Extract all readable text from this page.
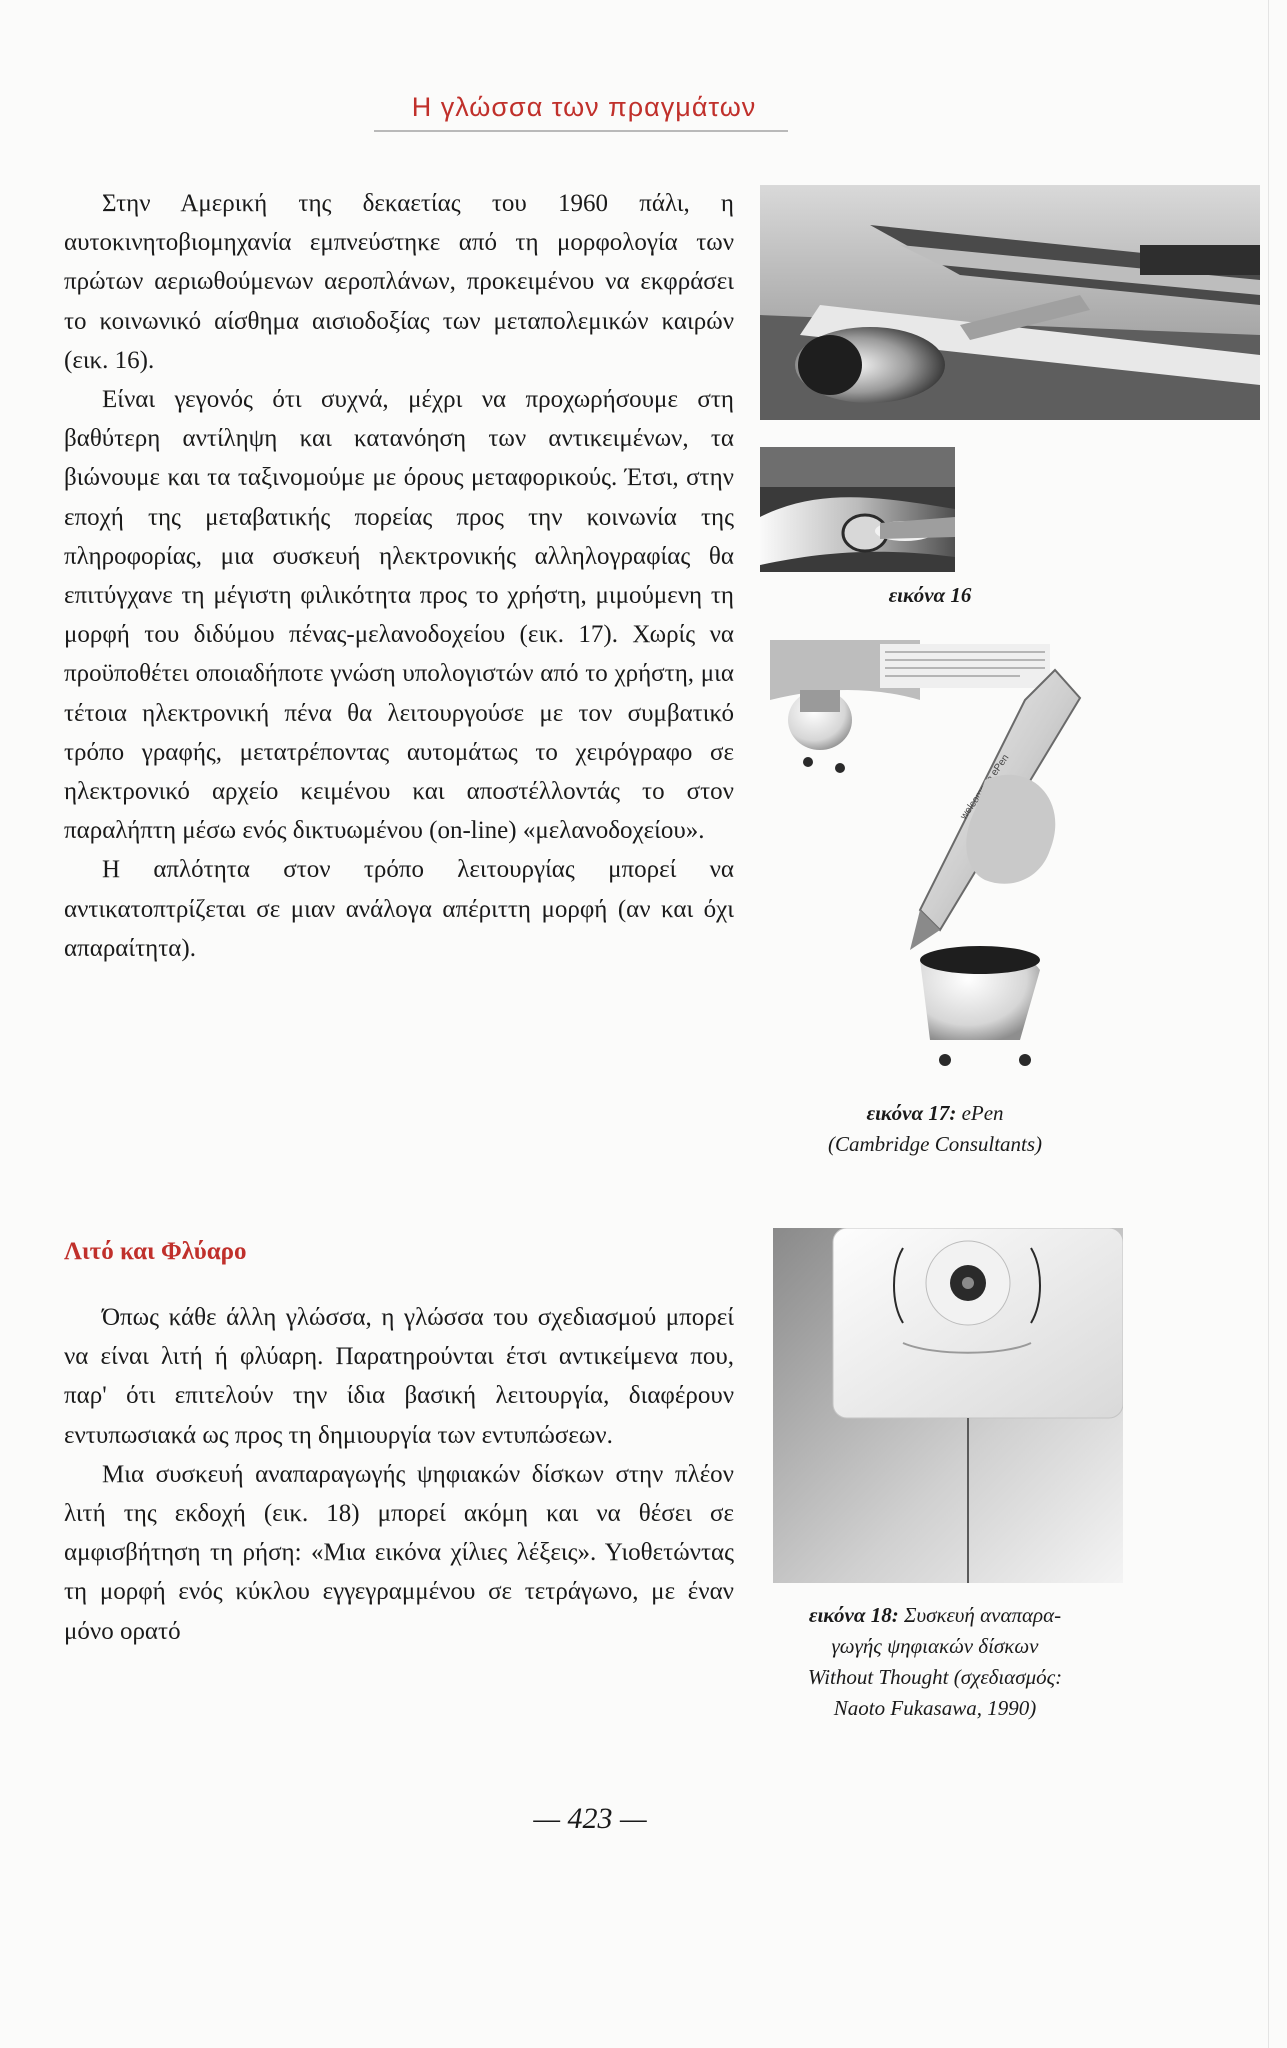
Η γλώσσα των πραγμάτων

Στην Αμερική της δεκαετίας του 1960 πάλι, η αυτοκινητοβιομηχανία εμπνεύστηκε από τη μορφολογία των πρώτων αεριωθούμενων αεροπλάνων, προκειμένου να εκφράσει το κοινωνικό αίσθημα αισιοδοξίας των μεταπολεμικών καιρών (εικ. 16).

Είναι γεγονός ότι συχνά, μέχρι να προχωρήσουμε στη βαθύτερη αντίληψη και κατανόηση των αντικειμένων, τα βιώνουμε και τα ταξινομούμε με όρους μεταφορικούς. Έτσι, στην εποχή της μεταβατικής πορείας προς την κοινωνία της πληροφορίας, μια συσκευή ηλεκτρονικής αλληλογραφίας θα επιτύγχανε τη μέγιστη φιλικότητα προς το χρήστη, μιμούμενη τη μορφή του διδύμου πένας-μελανοδοχείου (εικ. 17). Χωρίς να προϋποθέτει οποιαδήποτε γνώση υπολογιστών από το χρήστη, μια τέτοια ηλεκτρονική πένα θα λειτουργούσε με τον συμβατικό τρόπο γραφής, μετατρέποντας αυτομάτως το χειρόγραφο σε ηλεκτρονικό αρχείο κειμένου και αποστέλλοντάς το στον παραλήπτη μέσω ενός δικτυωμένου (on-line) «μελανοδοχείου».

Η απλότητα στον τρόπο λειτουργίας μπορεί να αντικατοπτρίζεται σε μιαν ανάλογα απέριττη μορφή (αν και όχι απαραίτητα).

Λιτό και Φλύαρο

Όπως κάθε άλλη γλώσσα, η γλώσσα του σχεδιασμού μπορεί να είναι λιτή ή φλύαρη. Παρατηρούνται έτσι αντικείμενα που, παρ' ότι επιτελούν την ίδια βασική λειτουργία, διαφέρουν εντυπωσιακά ως προς τη δημιουργία των εντυπώσεων.

Μια συσκευή αναπαραγωγής ψηφιακών δίσκων στην πλέον λιτή της εκδοχή (εικ. 18) μπορεί ακόμη και να θέσει σε αμφισβήτηση τη ρήση: «Μια εικόνα χίλιες λέξεις». Υιοθετώντας τη μορφή ενός κύκλου εγγεγραμμένου σε τετράγωνο, με έναν μόνο ορατό

εικόνα 16
welcome ePen
εικόνα 17: ePen
(Cambridge Consultants)
εικόνα 18: Συσκευή αναπαρα-
γωγής ψηφιακών δίσκων
Without Thought (σχεδιασμός:
Naoto Fukasawa, 1990)
— 423 —
